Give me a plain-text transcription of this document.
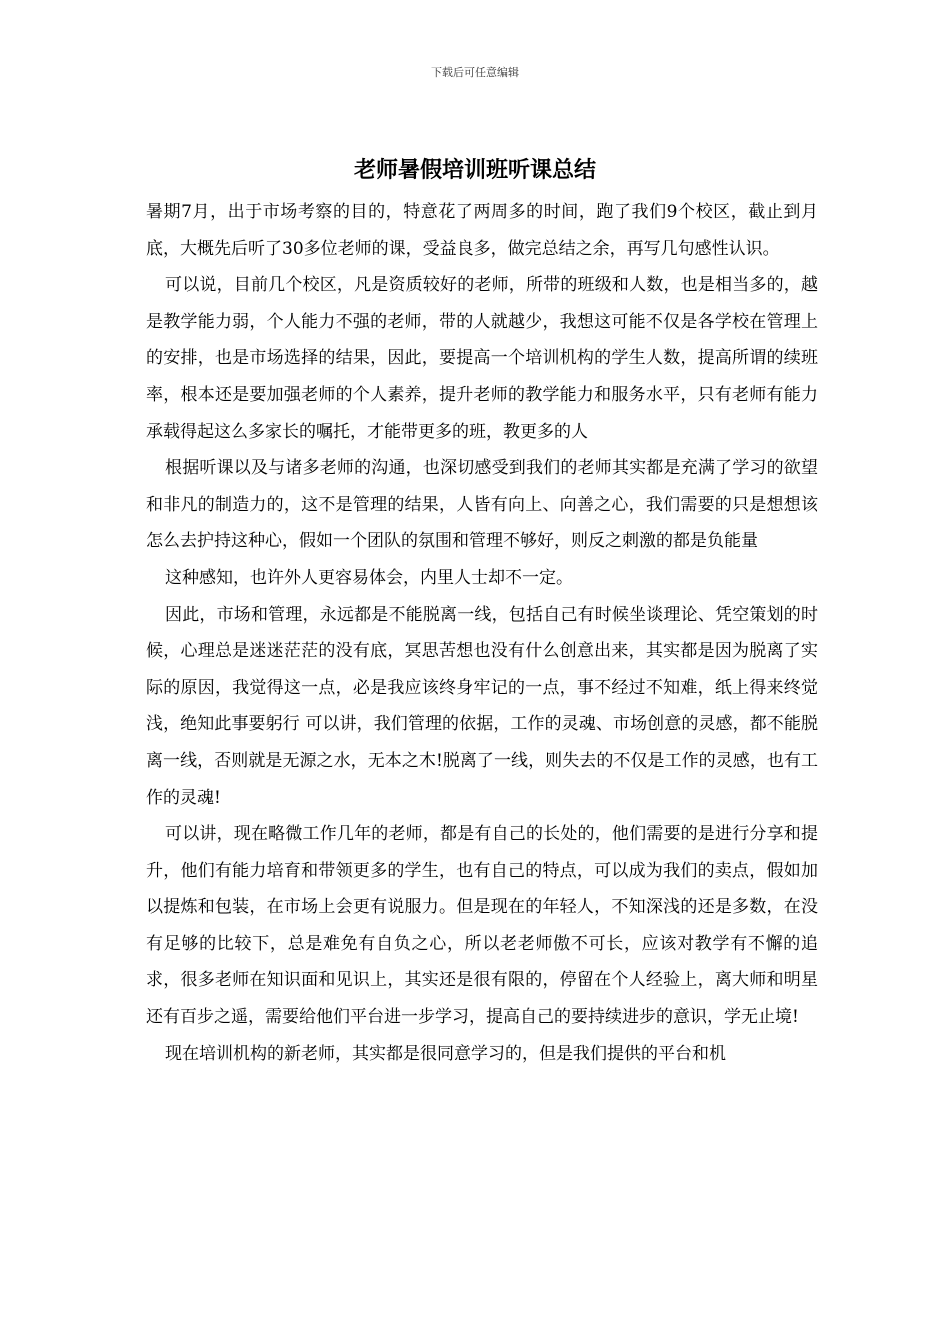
下载后可任意编辑
老师暑假培训班听课总结

暑期7月，出于市场考察的目的，特意花了两周多的时间，跑了我们9个校区，截止到月底，大概先后听了30多位老师的课，受益良多，做完总结之余，再写几句感性认识。

可以说，目前几个校区，凡是资质较好的老师，所带的班级和人数，也是相当多的，越是教学能力弱，个人能力不强的老师，带的人就越少，我想这可能不仅是各学校在管理上的安排，也是市场选择的结果，因此，要提高一个培训机构的学生人数，提高所谓的续班率，根本还是要加强老师的个人素养，提升老师的教学能力和服务水平，只有老师有能力承载得起这么多家长的嘱托，才能带更多的班，教更多的人

根据听课以及与诸多老师的沟通，也深切感受到我们的老师其实都是充满了学习的欲望和非凡的制造力的，这不是管理的结果，人皆有向上、向善之心，我们需要的只是想想该怎么去护持这种心，假如一个团队的氛围和管理不够好，则反之刺激的都是负能量

这种感知，也许外人更容易体会，内里人士却不一定。

因此，市场和管理，永远都是不能脱离一线，包括自己有时候坐谈理论、凭空策划的时候，心理总是迷迷茫茫的没有底，冥思苦想也没有什么创意出来，其实都是因为脱离了实际的原因，我觉得这一点，必是我应该终身牢记的一点，事不经过不知难，纸上得来终觉浅，绝知此事要躬行 可以讲，我们管理的依据，工作的灵魂、市场创意的灵感，都不能脱离一线，否则就是无源之水，无本之木!脱离了一线，则失去的不仅是工作的灵感，也有工作的灵魂!

可以讲，现在略微工作几年的老师，都是有自己的长处的，他们需要的是进行分享和提升，他们有能力培育和带领更多的学生，也有自己的特点，可以成为我们的卖点，假如加以提炼和包装，在市场上会更有说服力。但是现在的年轻人，不知深浅的还是多数，在没有足够的比较下，总是难免有自负之心，所以老老师傲不可长，应该对教学有不懈的追求，很多老师在知识面和见识上，其实还是很有限的，停留在个人经验上，离大师和明星还有百步之遥，需要给他们平台进一步学习，提高自己的要持续进步的意识，学无止境!

现在培训机构的新老师，其实都是很同意学习的，但是我们提供的平台和机
